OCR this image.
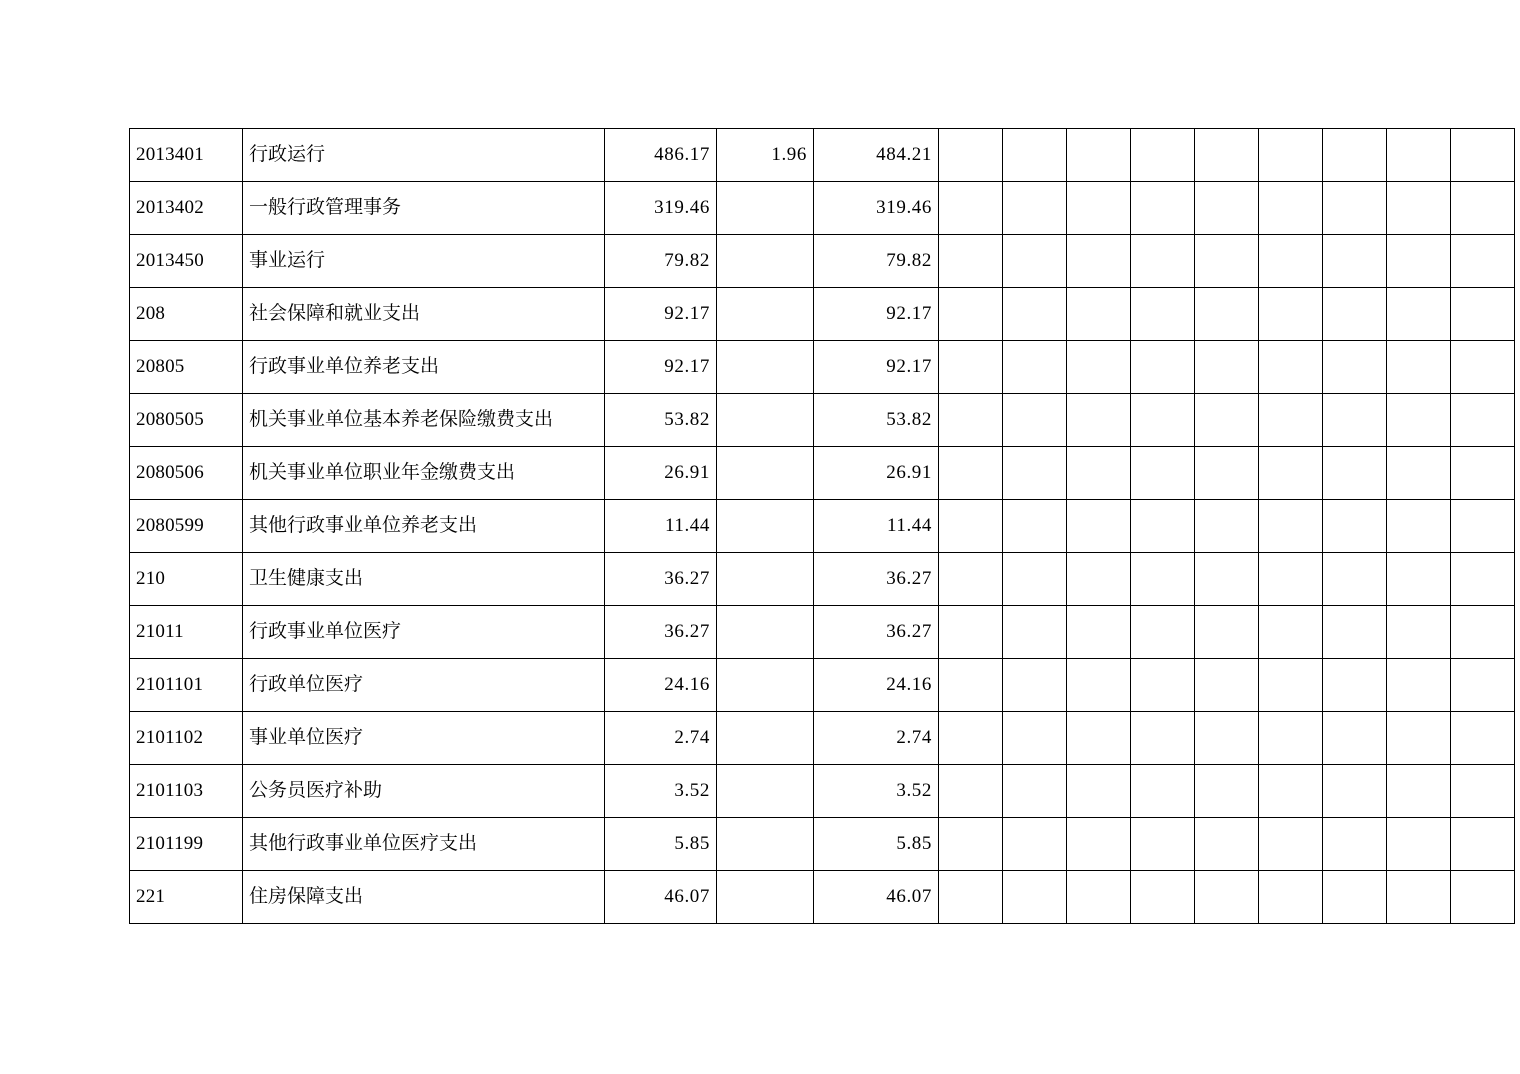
2013401	行政运行	486.17	1.96	484.21									
2013402	一般行政管理事务	319.46		319.46									
2013450	事业运行	79.82		79.82									
208	社会保障和就业支出	92.17		92.17									
20805	行政事业单位养老支出	92.17		92.17									
2080505	机关事业单位基本养老保险缴费支出	53.82		53.82									
2080506	机关事业单位职业年金缴费支出	26.91		26.91									
2080599	其他行政事业单位养老支出	11.44		11.44									
210	卫生健康支出	36.27		36.27									
21011	行政事业单位医疗	36.27		36.27									
2101101	行政单位医疗	24.16		24.16									
2101102	事业单位医疗	2.74		2.74									
2101103	公务员医疗补助	3.52		3.52									
2101199	其他行政事业单位医疗支出	5.85		5.85									
221	住房保障支出	46.07		46.07									
